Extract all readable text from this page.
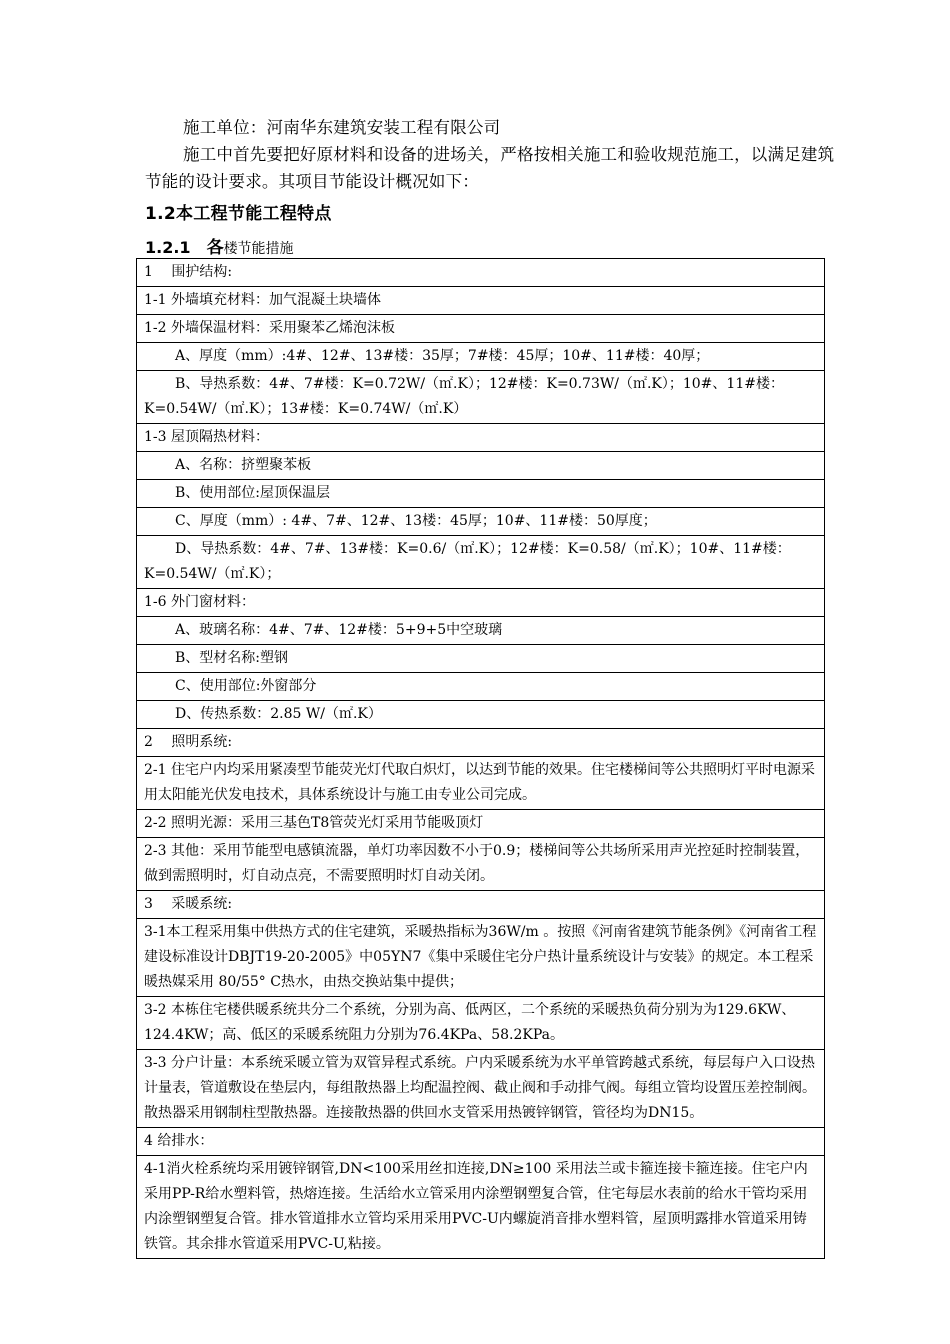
施工单位：河南华东建筑安装工程有限公司

施工中首先要把好原材料和设备的进场关，严格按相关施工和验收规范施工，以满足建筑节能的设计要求。其项目节能设计概况如下：

1.2本工程节能工程特点
1.2.1 各楼节能措施
1　 围护结构:
1-1 外墙填充材料：加气混凝土块墙体
1-2 外墙保温材料：采用聚苯乙烯泡沫板
A、厚度（mm）:4#、12#、13#楼：35厚；7#楼：45厚；10#、11#楼：40厚；
B、导热系数：4#、7#楼：K=0.72W/（㎡.K）；12#楼：K=0.73W/（㎡.K）；10#、11#楼：K=0.54W/（㎡.K）；13#楼：K=0.74W/（㎡.K）
1-3 屋顶隔热材料：
A、名称：挤塑聚苯板
B、使用部位:屋顶保温层
C、厚度（mm）: 4#、7#、12#、13楼：45厚；10#、11#楼：50厚度；
D、导热系数：4#、7#、13#楼：K=0.6/（㎡.K）；12#楼：K=0.58/（㎡.K）；10#、11#楼：K=0.54W/（㎡.K）；
1-6 外门窗材料：
A、玻璃名称：4#、7#、12#楼：5+9+5中空玻璃
B、型材名称:塑钢
C、使用部位:外窗部分
D、传热系数：2.85 W/（㎡.K）
2　 照明系统:
2-1 住宅户内均采用紧凑型节能荧光灯代取白炽灯，以达到节能的效果。住宅楼梯间等公共照明灯平时电源采用太阳能光伏发电技术，具体系统设计与施工由专业公司完成。
2-2 照明光源：采用三基色T8管荧光灯采用节能吸顶灯
2-3 其他：采用节能型电感镇流器，单灯功率因数不小于0.9；楼梯间等公共场所采用声光控延时控制装置，做到需照明时，灯自动点亮，不需要照明时灯自动关闭。
3　 采暖系统:
3-1本工程采用集中供热方式的住宅建筑，采暖热指标为36W/m 。按照《河南省建筑节能条例》《河南省工程建设标准设计DBJT19-20-2005》中05YN7《集中采暖住宅分户热计量系统设计与安装》的规定。本工程采暖热媒采用 80/55° C热水，由热交换站集中提供；
3-2 本栋住宅楼供暖系统共分二个系统，分别为高、低两区，二个系统的采暖热负荷分别为为129.6KW、124.4KW；高、低区的采暖系统阻力分别为76.4KPa、58.2KPa。
3-3 分户计量：本系统采暖立管为双管异程式系统。户内采暖系统为水平单管跨越式系统，每层每户入口设热计量表，管道敷设在垫层内，每组散热器上均配温控阀、截止阀和手动排气阀。每组立管均设置压差控制阀。散热器采用钢制柱型散热器。连接散热器的供回水支管采用热镀锌钢管，管径均为DN15。
4 给排水：
4-1消火栓系统均采用镀锌钢管,DN<100采用丝扣连接,DN≥100 采用法兰或卡箍连接卡箍连接。住宅户内采用PP-R给水塑料管，热熔连接。生活给水立管采用内涂塑钢塑复合管，住宅每层水表前的给水干管均采用内涂塑钢塑复合管。排水管道排水立管均采用采用PVC-U内螺旋消音排水塑料管，屋顶明露排水管道采用铸铁管。其余排水管道采用PVC-U,粘接。
